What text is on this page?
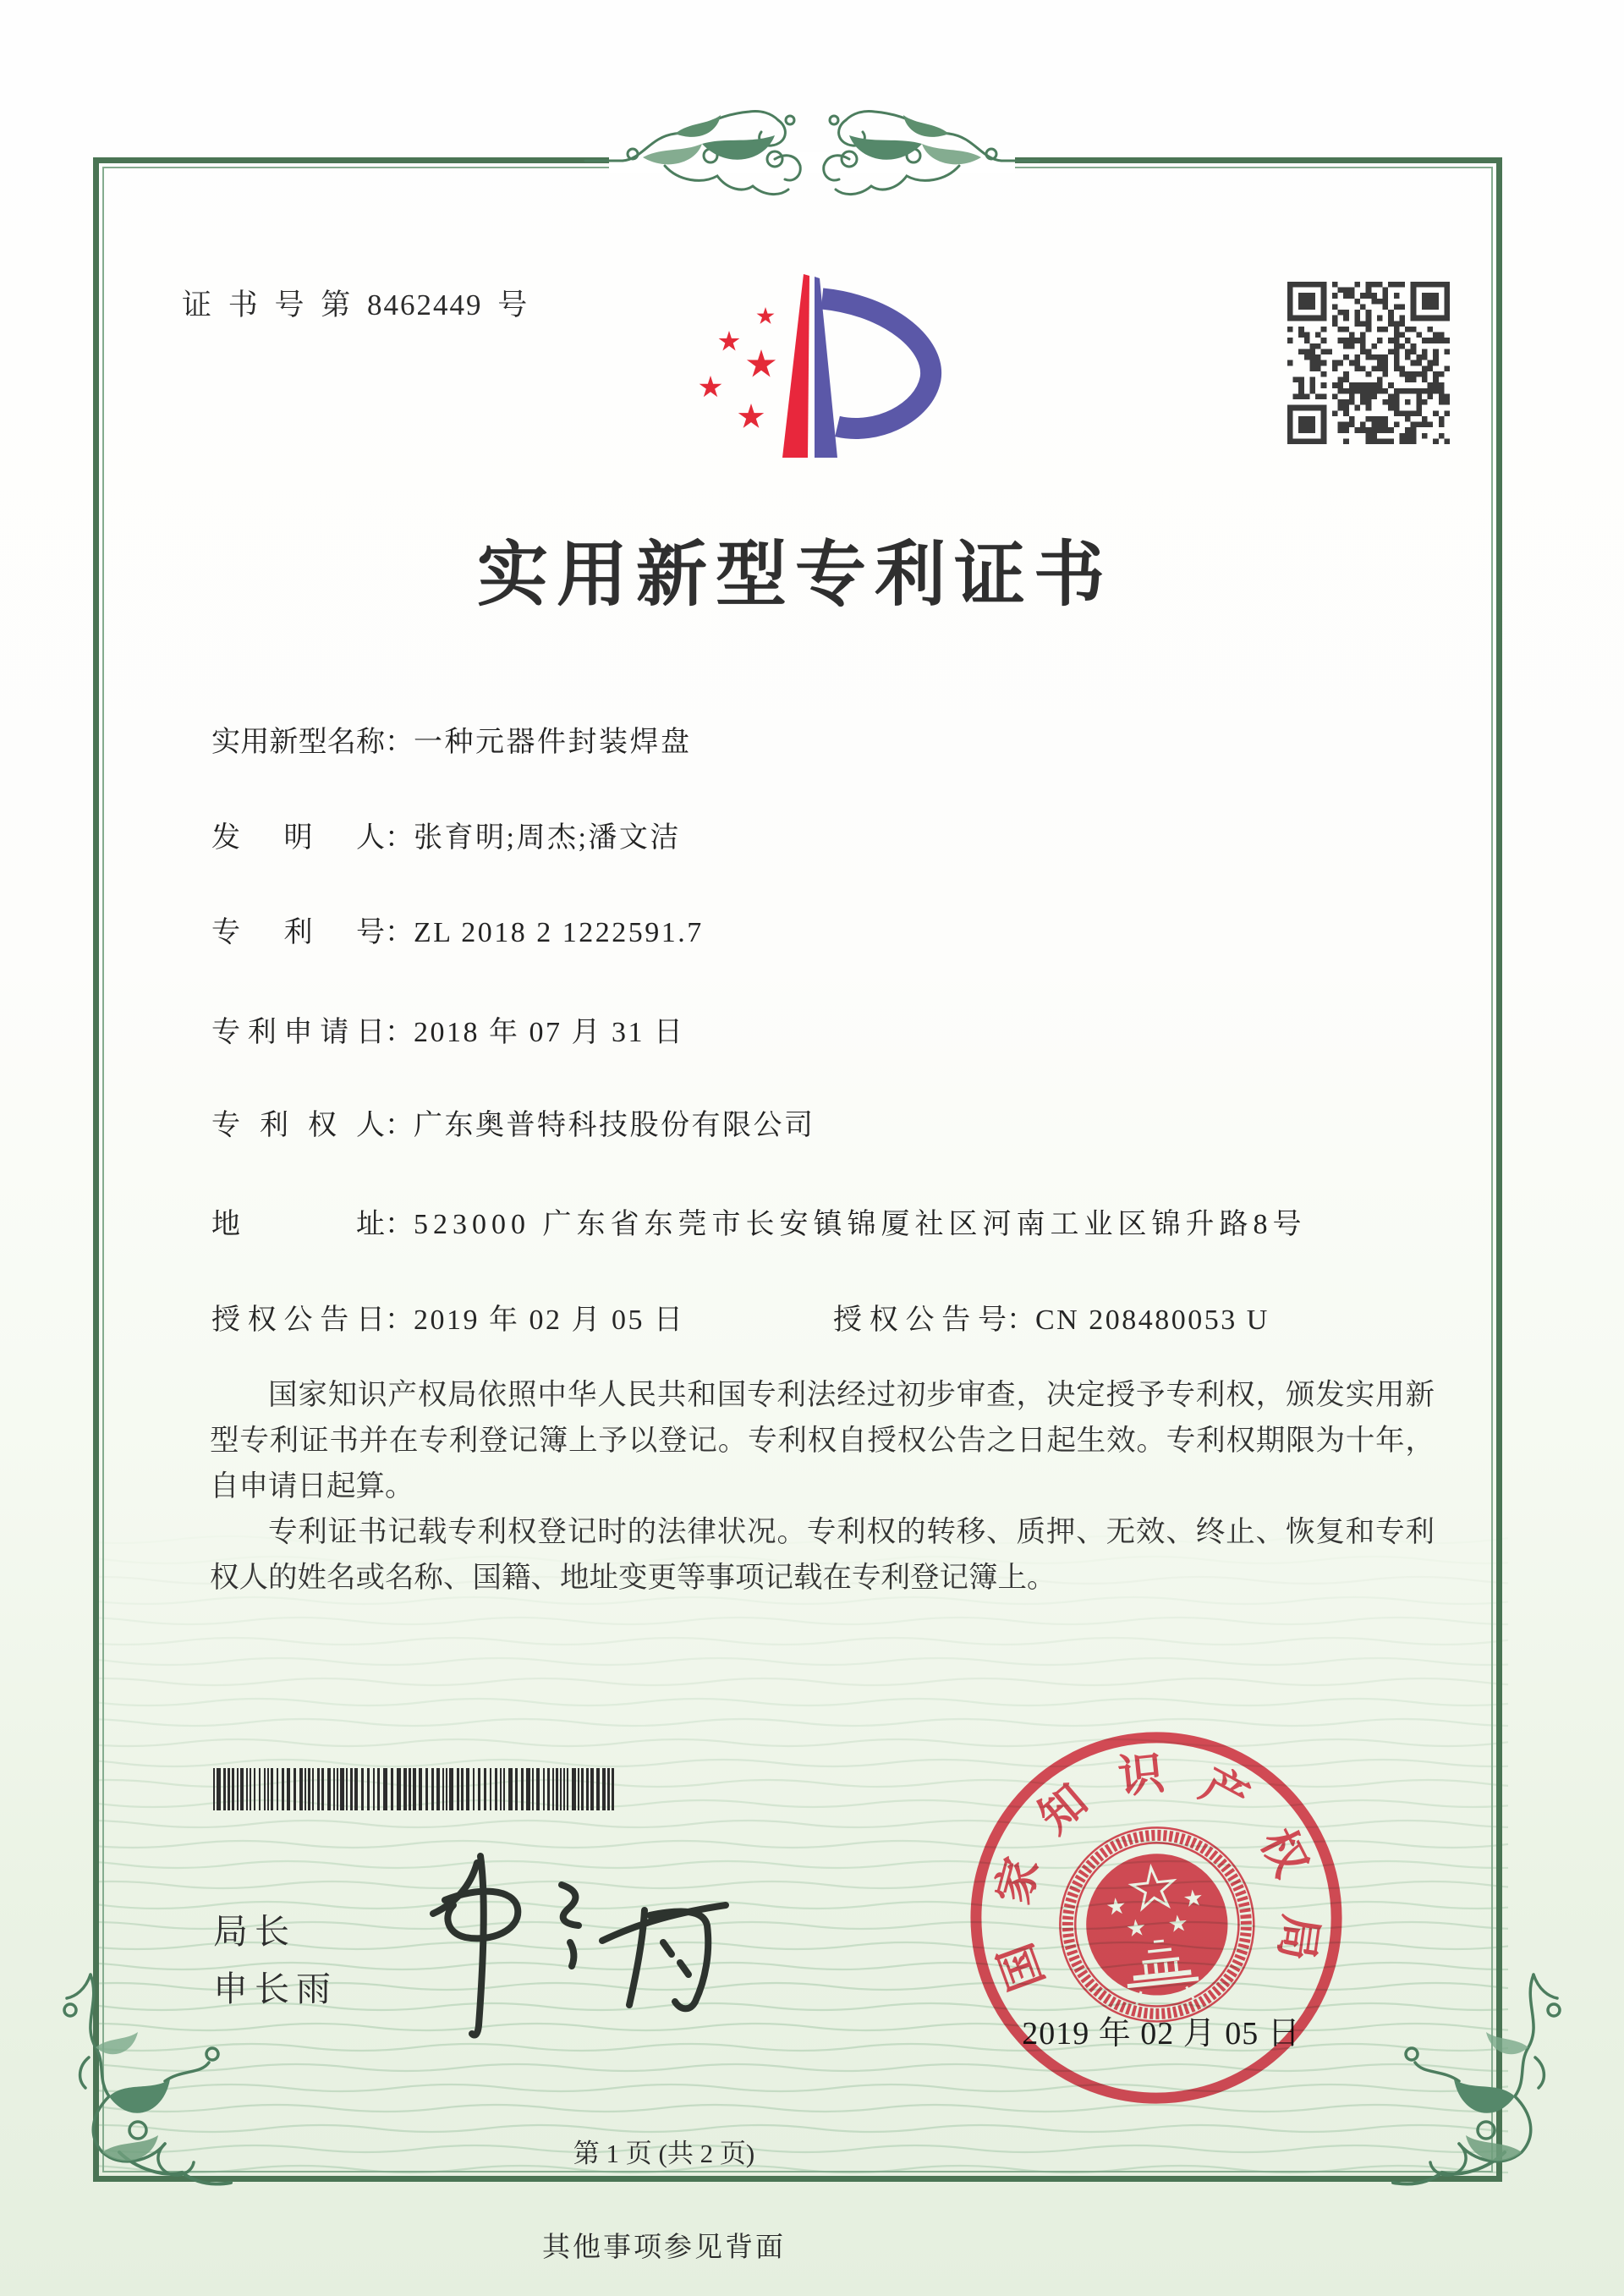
证 书 号 第 8462449 号
实用新型专利证书
实 用 新 型 名 称 ：一种元器件封装焊盘
发 明 人 ：张育明;周杰;潘文洁
专 利 号 ：ZL 2018 2 1222591.7
专 利 申 请 日 ：2018 年 07 月 31 日
专 利 权 人 ：广东奥普特科技股份有限公司
地	址 ：523000 广东省东莞市长安镇锦厦社区河南工业区锦升路8号
授 权 公 告 日 ：2019 年 02 月 05 日	授 权 公 告 号 ：CN 208480053 U

国家知识产权局依照中华人民共和国专利法经过初步审查，决定授予专利权，颁发实用新型专利证书并在专利登记簿上予以登记。专利权自授权公告之日起生效。专利权期限为十年，自申请日起算。

专利证书记载专利权登记时的法律状况。专利权的转移、质押、无效、终止、恢复和专利权人的姓名或名称、国籍、地址变更等事项记载在专利登记簿上。

局长
申长雨
2019 年 02 月 05 日
国
家
知 识 产
权
局
第 1 页 (共 2 页)
其他事项参见背面
